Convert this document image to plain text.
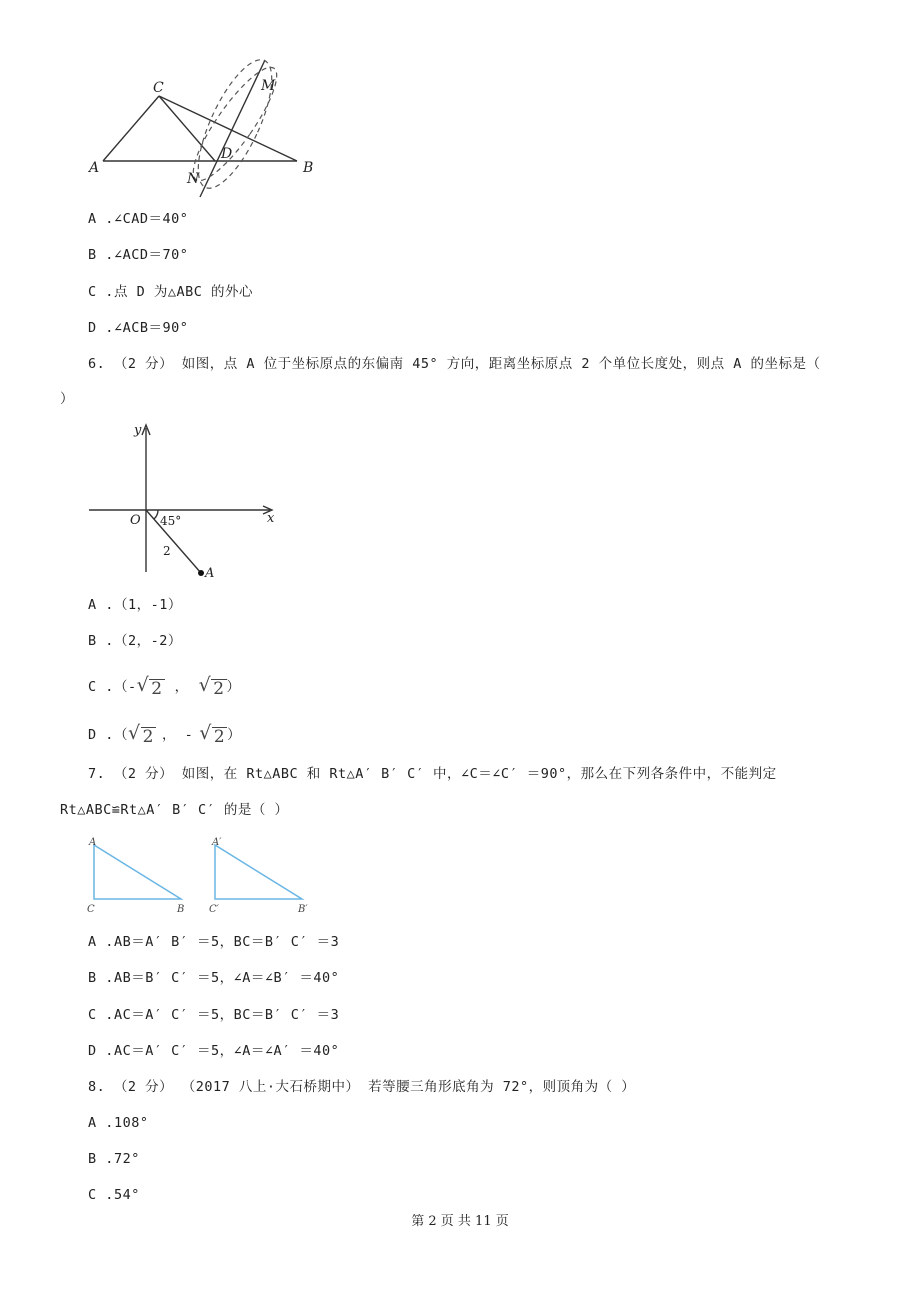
C	M
A
D
B
N
A .∠CAD＝40°
B .∠ACD＝70°
C .点 D 为△ABC 的外心
D .∠ACB＝90°
6. （2 分） 如图，点 A 位于坐标原点的东偏南 45° 方向，距离坐标原点 2 个单位长度处，则点 A 的坐标是（
）
y
x
O
A
45°
2
A .（1，-1）
B .（2，-2）
C . （- √ 2 ， √ 2 ）
D . （ √ 2 ， - √ 2 ）
7. （2 分） 如图，在 Rt△ABC 和 Rt△A′ B′ C′ 中，∠C＝∠C′ ＝90°，那么在下列各条件中，不能判定
Rt△ABC≌Rt△A′ B′ C′ 的是（ ）
A
C	B
A′
C′	B′
A .AB＝A′ B′ ＝5，BC＝B′ C′ ＝3
B .AB＝B′ C′ ＝5，∠A＝∠B′ ＝40°
C .AC＝A′ C′ ＝5，BC＝B′ C′ ＝3
D .AC＝A′ C′ ＝5，∠A＝∠A′ ＝40°
8. （2 分） （2017 八上·大石桥期中） 若等腰三角形底角为 72°，则顶角为（ ）
A .108°
B .72°
C .54°
第 2 页 共 11 页
